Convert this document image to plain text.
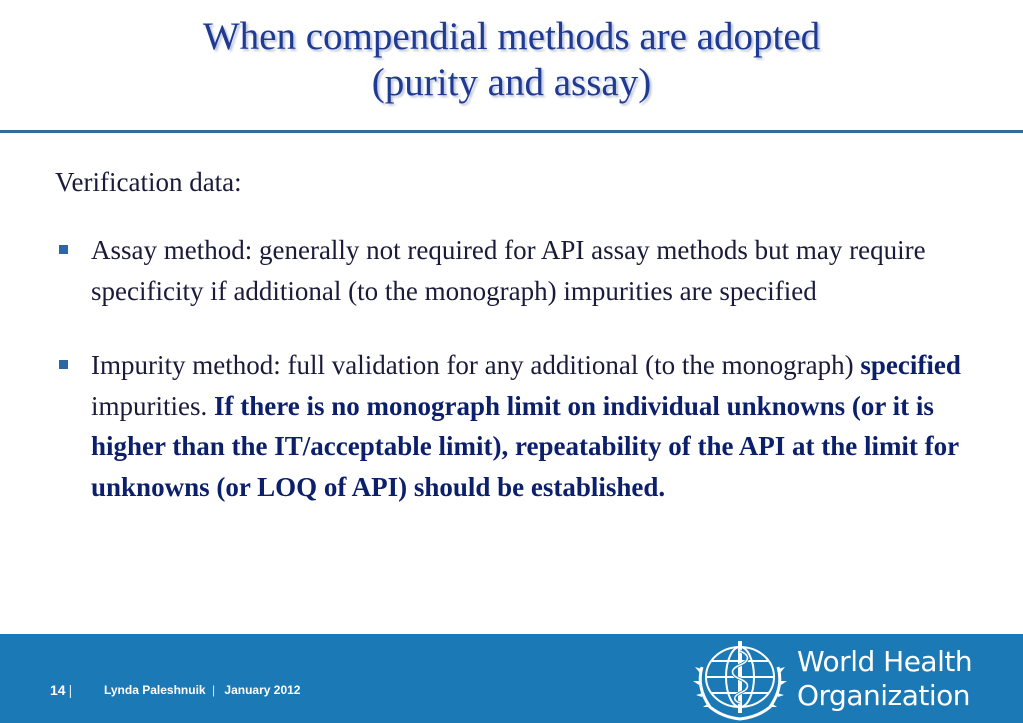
When compendial methods are adopted
(purity and assay)

Verification data:

Assay method: generally not required for API assay methods but may require specificity if additional (to the monograph) impurities are specified
Impurity method: full validation for any additional (to the monograph) specified impurities. If there is no monograph limit on individual unknowns (or it is higher than the IT/acceptable limit), repeatability of the API at the limit for unknowns (or LOQ of API) should be established.
14 |	Lynda Paleshnuik | January 2012
World Health
Organization
